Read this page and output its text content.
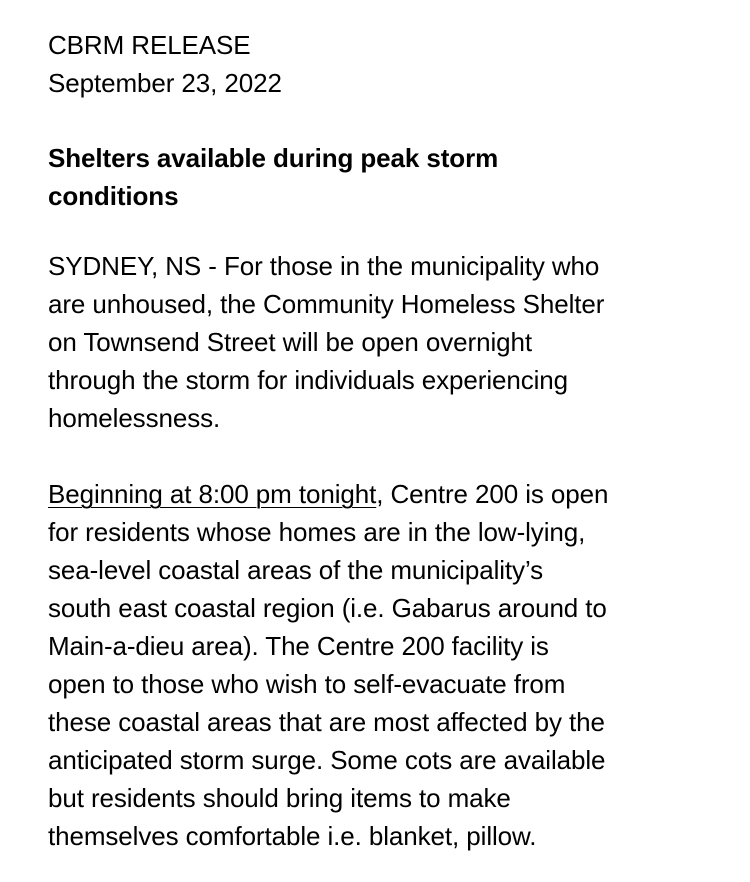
CBRM RELEASE
September 23, 2022
Shelters available during peak storm
conditions
SYDNEY, NS - For those in the municipality who
are unhoused, the Community Homeless Shelter
on Townsend Street will be open overnight
through the storm for individuals experiencing
homelessness.
Beginning at 8:00 pm tonight, Centre 200 is open
for residents whose homes are in the low-lying,
sea-level coastal areas of the municipality’s
south east coastal region (i.e. Gabarus around to
Main-a-dieu area). The Centre 200 facility is
open to those who wish to self-evacuate from
these coastal areas that are most affected by the
anticipated storm surge. Some cots are available
but residents should bring items to make
themselves comfortable i.e. blanket, pillow.
